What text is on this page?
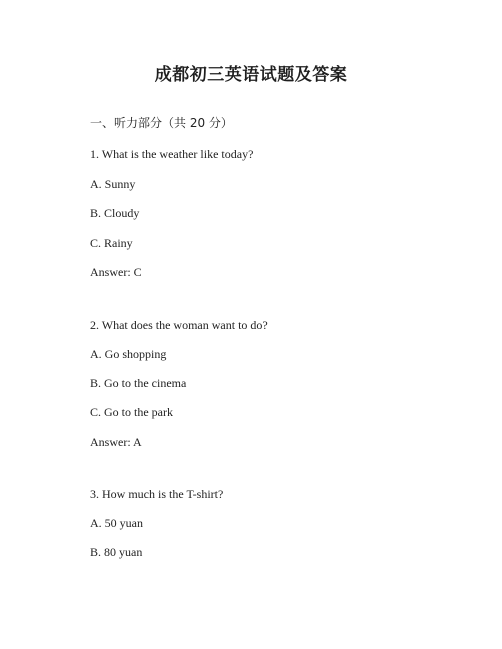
成都初三英语试题及答案
一、听力部分（共 20 分）
1. What is the weather like today?
A. Sunny
B. Cloudy
C. Rainy
Answer: C
2. What does the woman want to do?
A. Go shopping
B. Go to the cinema
C. Go to the park
Answer: A
3. How much is the T-shirt?
A. 50 yuan
B. 80 yuan
